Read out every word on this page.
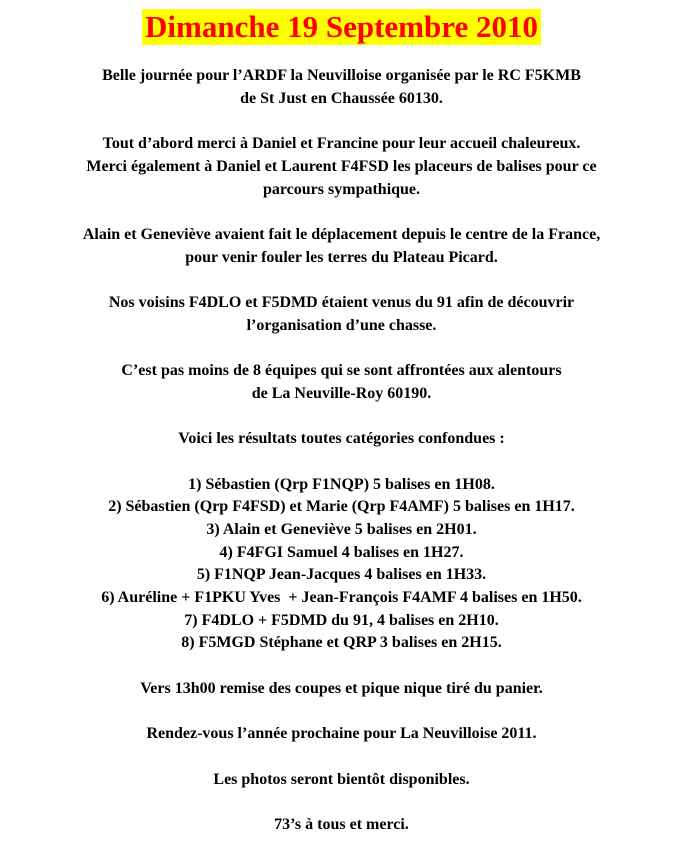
Dimanche 19 Septembre 2010

Belle journée pour l’ARDF la Neuvilloise organisée par le RC F5KMB
de St Just en Chaussée 60130.

Tout d’abord merci à Daniel et Francine pour leur accueil chaleureux.
Merci également à Daniel et Laurent F4FSD les placeurs de balises pour ce
parcours sympathique.

Alain et Geneviève avaient fait le déplacement depuis le centre de la France,
pour venir fouler les terres du Plateau Picard.

Nos voisins F4DLO et F5DMD étaient venus du 91 afin de découvrir
l’organisation d’une chasse.

C’est pas moins de 8 équipes qui se sont affrontées aux alentours
de La Neuville-Roy 60190.

Voici les résultats toutes catégories confondues :

1) Sébastien (Qrp F1NQP) 5 balises en 1H08.
2) Sébastien (Qrp F4FSD) et Marie (Qrp F4AMF) 5 balises en 1H17.
3) Alain et Geneviève 5 balises en 2H01.
4) F4FGI Samuel 4 balises en 1H27.
5) F1NQP Jean-Jacques 4 balises en 1H33.
6) Auréline + F1PKU Yves  + Jean-François F4AMF 4 balises en 1H50.
7) F4DLO + F5DMD du 91, 4 balises en 2H10.
8) F5MGD Stéphane et QRP 3 balises en 2H15.

Vers 13h00 remise des coupes et pique nique tiré du panier.

Rendez-vous l’année prochaine pour La Neuvilloise 2011.

Les photos seront bientôt disponibles.

73’s à tous et merci.
